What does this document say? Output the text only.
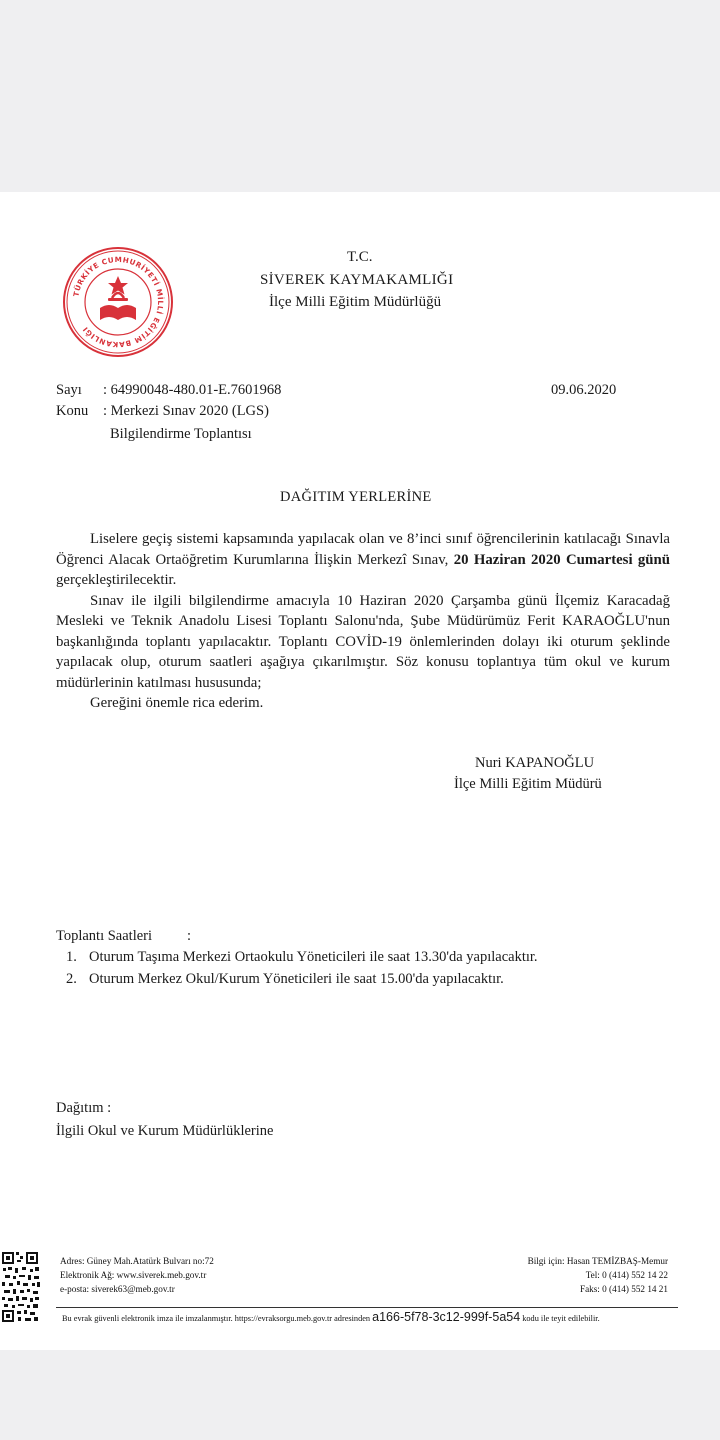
TÜRKİYE CUMHURİYETİ MİLLİ EĞİTİM BAKANLIĞI
T.C.
SİVEREK KAYMAKAMLIĞI
İlçe Milli Eğitim Müdürlüğü
Sayı : 64990048-480.01-E.7601968	09.06.2020
Konu : Merkezi Sınav 2020 (LGS)
Bilgilendirme Toplantısı
DAĞITIM YERLERİNE

Liselere geçiş sistemi kapsamında yapılacak olan ve 8’inci sınıf öğrencilerinin katılacağı Sınavla Öğrenci Alacak Ortaöğretim Kurumlarına İlişkin Merkezî Sınav, 20 Haziran 2020 Cumartesi günü gerçekleştirilecektir.

Sınav ile ilgili bilgilendirme amacıyla 10 Haziran 2020 Çarşamba günü İlçemiz Karacadağ Mesleki ve Teknik Anadolu Lisesi Toplantı Salonu'nda, Şube Müdürümüz Ferit KARAOĞLU'nun başkanlığında toplantı yapılacaktır. Toplantı COVİD-19 önlemlerinden dolayı iki oturum şeklinde yapılacak olup, oturum saatleri aşağıya çıkarılmıştır. Söz konusu toplantıya tüm okul ve kurum müdürlerinin katılması hususunda;

Gereğini önemle rica ederim.

Nuri KAPANOĞLU
İlçe Milli Eğitim Müdürü
Toplantı Saatleri :
1. Oturum Taşıma Merkezi Ortaokulu Yöneticileri ile saat 13.30'da yapılacaktır.
2. Oturum Merkez Okul/Kurum Yöneticileri ile saat 15.00'da yapılacaktır.
Dağıtım :
İlgili Okul ve Kurum Müdürlüklerine
Adres: Güney Mah.Atatürk Bulvarı no:72
Elektronik Ağ: www.siverek.meb.gov.tr
e-posta: siverek63@meb.gov.tr
Bilgi için: Hasan TEMİZBAŞ-Memur
Tel: 0 (414) 552 14 22
Faks: 0 (414) 552 14 21
Bu evrak güvenli elektronik imza ile imzalanmıştır. https://evraksorgu.meb.gov.tr adresinden a166-5f78-3c12-999f-5a54 kodu ile teyit edilebilir.
